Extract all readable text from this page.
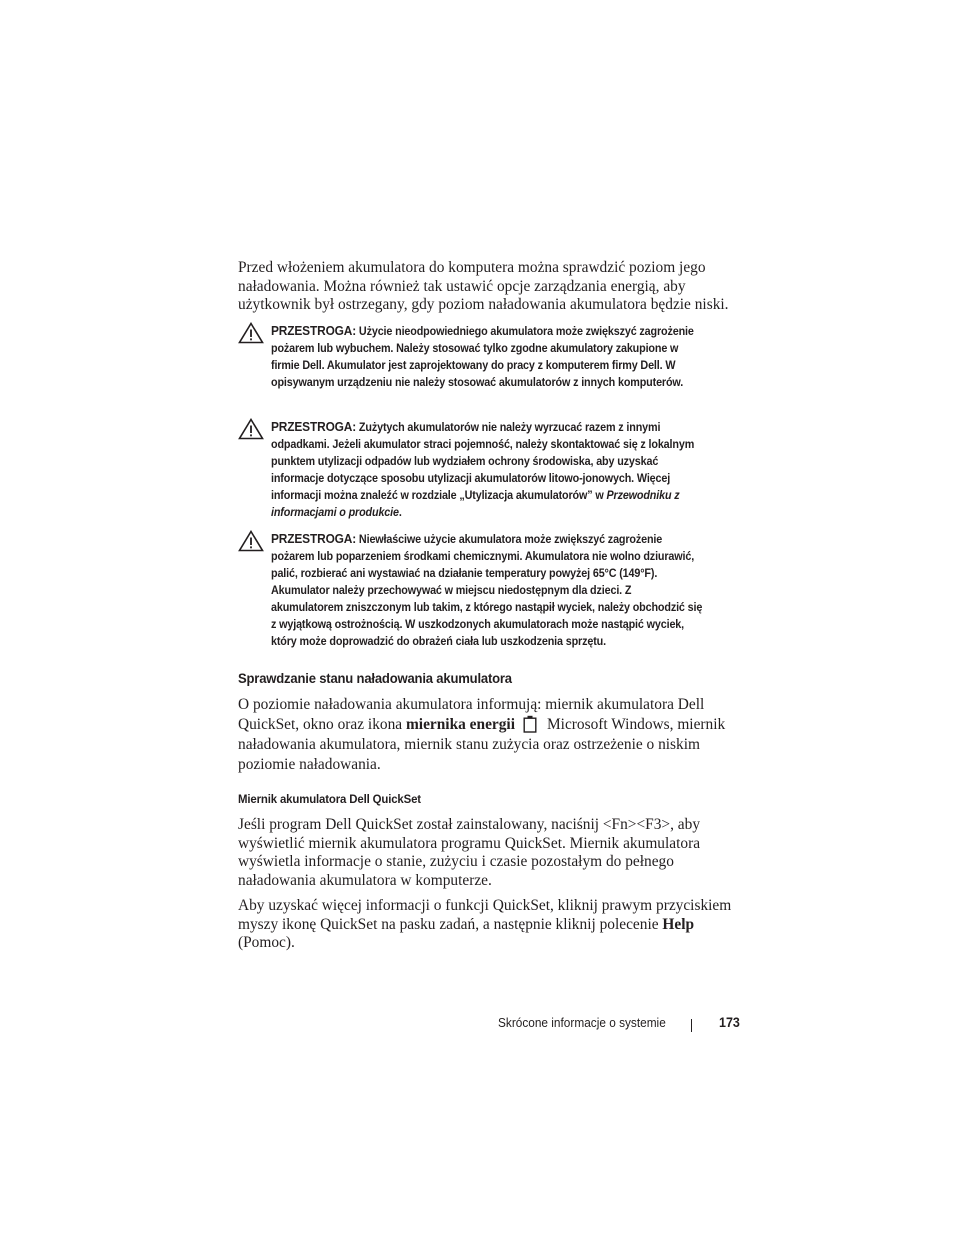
Przed włożeniem akumulatora do komputera można sprawdzić poziom jego naładowania. Można również tak ustawić opcje zarządzania energią, aby użytkownik był ostrzegany, gdy poziom naładowania akumulatora będzie niski.

PRZESTROGA: Użycie nieodpowiedniego akumulatora może zwiększyć zagrożenie pożarem lub wybuchem. Należy stosować tylko zgodne akumulatory zakupione w firmie Dell. Akumulator jest zaprojektowany do pracy z komputerem firmy Dell. W opisywanym urządzeniu nie należy stosować akumulatorów z innych komputerów.
PRZESTROGA: Zużytych akumulatorów nie należy wyrzucać razem z innymi odpadkami. Jeżeli akumulator straci pojemność, należy skontaktować się z lokalnym punktem utylizacji odpadów lub wydziałem ochrony środowiska, aby uzyskać informacje dotyczące sposobu utylizacji akumulatorów litowo-jonowych. Więcej informacji można znaleźć w rozdziale „Utylizacja akumulatorów” w Przewodniku z informacjami o produkcie.
PRZESTROGA: Niewłaściwe użycie akumulatora może zwiększyć zagrożenie pożarem lub poparzeniem środkami chemicznymi. Akumulatora nie wolno dziurawić, palić, rozbierać ani wystawiać na działanie temperatury powyżej 65°C (149°F). Akumulator należy przechowywać w miejscu niedostępnym dla dzieci. Z akumulatorem zniszczonym lub takim, z którego nastąpił wyciek, należy obchodzić się z wyjątkową ostrożnością. W uszkodzonych akumulatorach może nastąpić wyciek, który może doprowadzić do obrażeń ciała lub uszkodzenia sprzętu.
Sprawdzanie stanu naładowania akumulatora

O poziomie naładowania akumulatora informują: miernik akumulatora Dell QuickSet, okno oraz ikona miernika energii Microsoft Windows, miernik naładowania akumulatora, miernik stanu zużycia oraz ostrzeżenie o niskim poziomie naładowania.

Miernik akumulatora Dell QuickSet

Jeśli program Dell QuickSet został zainstalowany, naciśnij <Fn><F3>, aby wyświetlić miernik akumulatora programu QuickSet. Miernik akumulatora wyświetla informacje o stanie, zużyciu i czasie pozostałym do pełnego naładowania akumulatora w komputerze.

Aby uzyskać więcej informacji o funkcji QuickSet, kliknij prawym przyciskiem myszy ikonę QuickSet na pasku zadań, a następnie kliknij polecenie Help (Pomoc).

Skrócone informacje o systemie	173
